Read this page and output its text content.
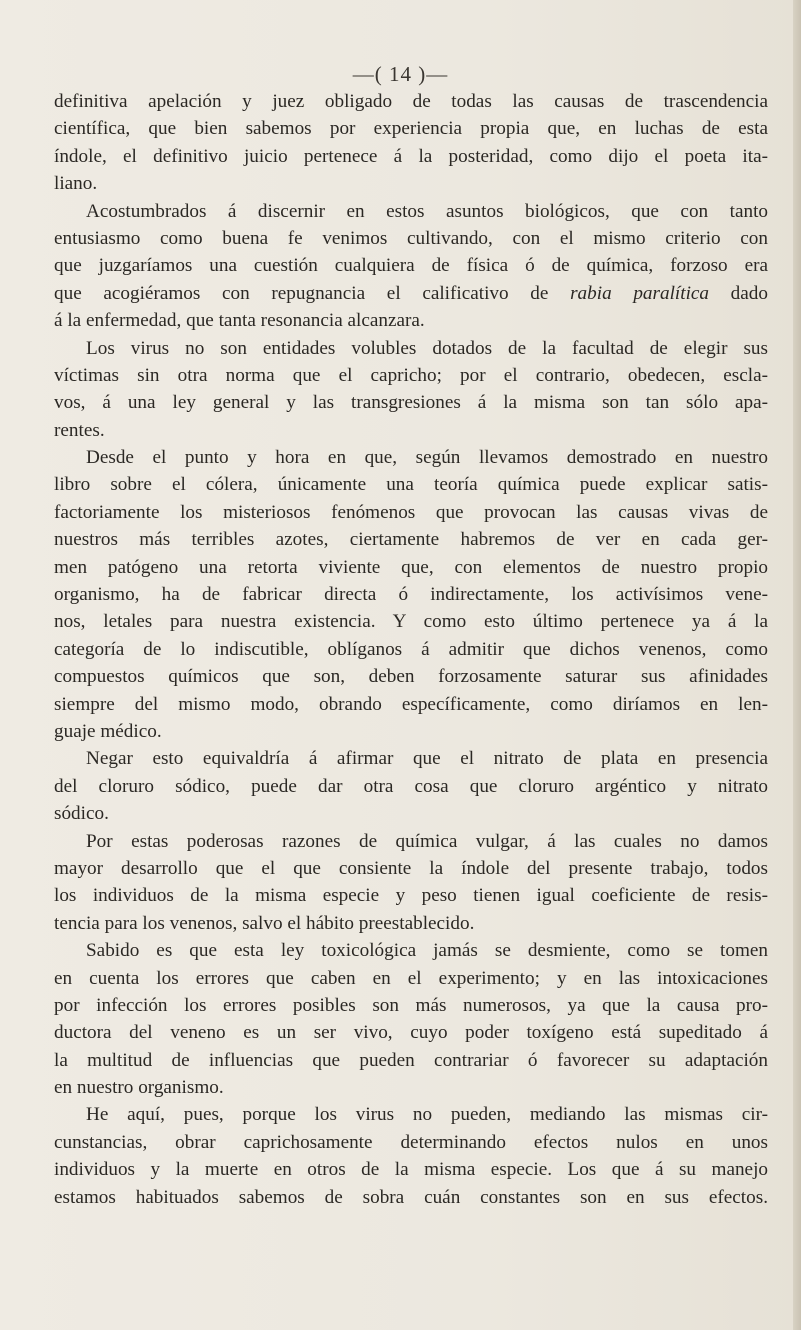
—( 14 )—
definitiva apelación y juez obligado de todas las causas de trascendencia
científica, que bien sabemos por experiencia propia que, en luchas de esta
índole, el definitivo juicio pertenece á la posteridad, como dijo el poeta ita-
liano.
Acostumbrados á discernir en estos asuntos biológicos, que con tanto
entusiasmo como buena fe venimos cultivando, con el mismo criterio con
que juzgaríamos una cuestión cualquiera de física ó de química, forzoso era
que acogiéramos con repugnancia el calificativo de rabia paralítica dado
á la enfermedad, que tanta resonancia alcanzara.
Los virus no son entidades volubles dotados de la facultad de elegir sus
víctimas sin otra norma que el capricho; por el contrario, obedecen, escla-
vos, á una ley general y las transgresiones á la misma son tan sólo apa-
rentes.
Desde el punto y hora en que, según llevamos demostrado en nuestro
libro sobre el cólera, únicamente una teoría química puede explicar satis-
factoriamente los misteriosos fenómenos que provocan las causas vivas de
nuestros más terribles azotes, ciertamente habremos de ver en cada ger-
men patógeno una retorta viviente que, con elementos de nuestro propio
organismo, ha de fabricar directa ó indirectamente, los activísimos vene-
nos, letales para nuestra existencia. Y como esto último pertenece ya á la
categoría de lo indiscutible, oblíganos á admitir que dichos venenos, como
compuestos químicos que son, deben forzosamente saturar sus afinidades
siempre del mismo modo, obrando específicamente, como diríamos en len-
guaje médico.
Negar esto equivaldría á afirmar que el nitrato de plata en presencia
del cloruro sódico, puede dar otra cosa que cloruro argéntico y nitrato
sódico.
Por estas poderosas razones de química vulgar, á las cuales no damos
mayor desarrollo que el que consiente la índole del presente trabajo, todos
los individuos de la misma especie y peso tienen igual coeficiente de resis-
tencia para los venenos, salvo el hábito preestablecido.
Sabido es que esta ley toxicológica jamás se desmiente, como se tomen
en cuenta los errores que caben en el experimento; y en las intoxicaciones
por infección los errores posibles son más numerosos, ya que la causa pro-
ductora del veneno es un ser vivo, cuyo poder toxígeno está supeditado á
la multitud de influencias que pueden contrariar ó favorecer su adaptación
en nuestro organismo.
He aquí, pues, porque los virus no pueden, mediando las mismas cir-
cunstancias, obrar caprichosamente determinando efectos nulos en unos
individuos y la muerte en otros de la misma especie. Los que á su manejo
estamos habituados sabemos de sobra cuán constantes son en sus efectos.
